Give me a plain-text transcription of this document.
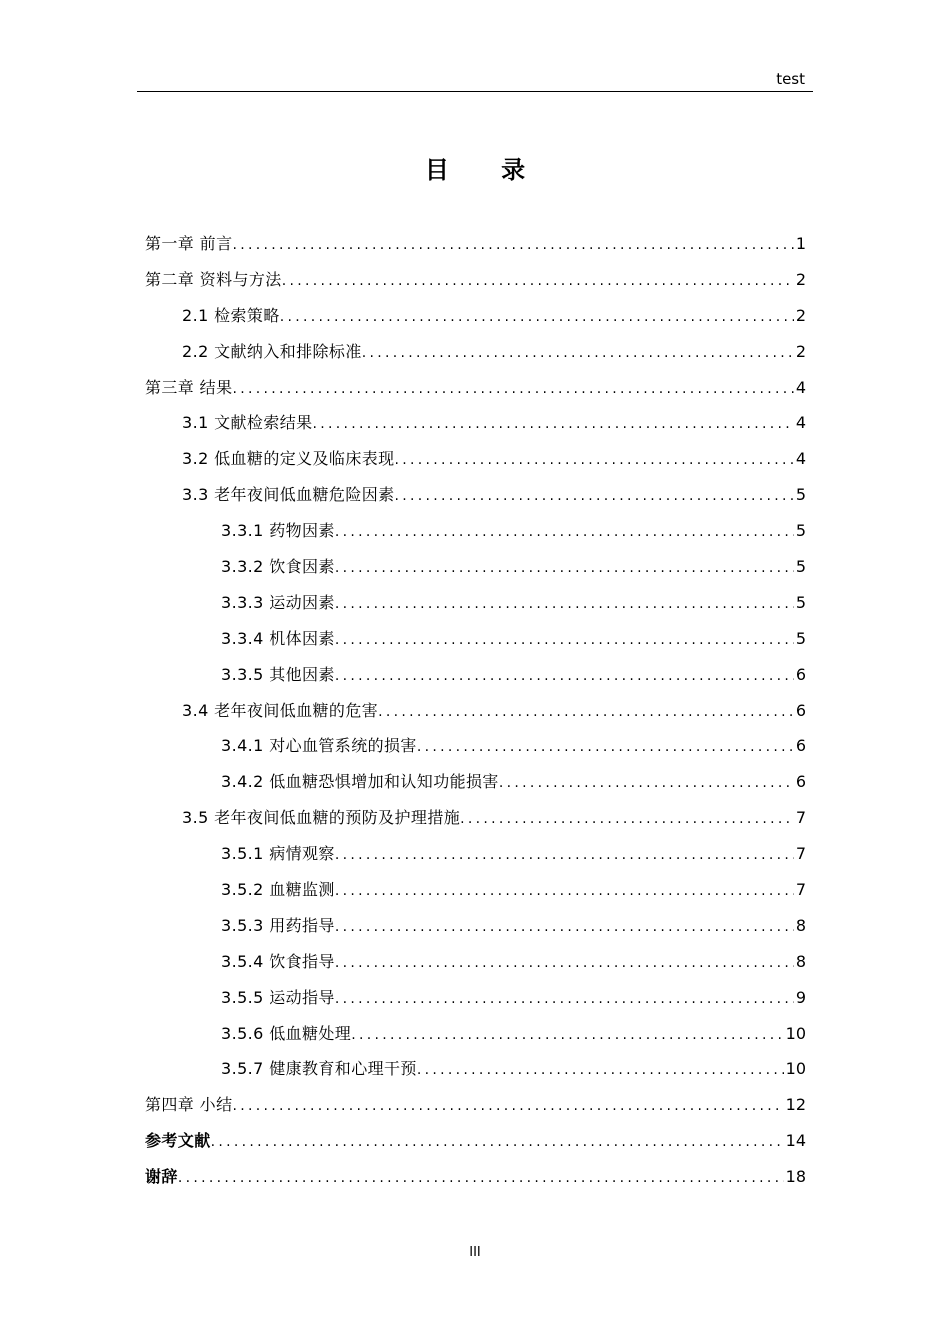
test
目 录
第一章 前言 .....	1
第二章 资料与方法 .....	2
2.1 检索策略 .....	2
2.2 文献纳入和排除标准 .....	2
第三章 结果 .....	4
3.1 文献检索结果 .....	4
3.2 低血糖的定义及临床表现 .....	4
3.3 老年夜间低血糖危险因素 .....	5
3.3.1 药物因素 .....	5
3.3.2 饮食因素 .....	5
3.3.3 运动因素 .....	5
3.3.4 机体因素 .....	5
3.3.5 其他因素 .....	6
3.4 老年夜间低血糖的危害 .....	6
3.4.1 对心血管系统的损害 .....	6
3.4.2 低血糖恐惧增加和认知功能损害 .....	6
3.5 老年夜间低血糖的预防及护理措施 .....	7
3.5.1 病情观察 .....	7
3.5.2 血糖监测 .....	7
3.5.3 用药指导 .....	8
3.5.4 饮食指导 .....	8
3.5.5 运动指导 .....	9
3.5.6 低血糖处理 .....	10
3.5.7 健康教育和心理干预 .....	10
第四章 小结 .....	12
参考文献 .....	14
谢辞 .....	18
III
